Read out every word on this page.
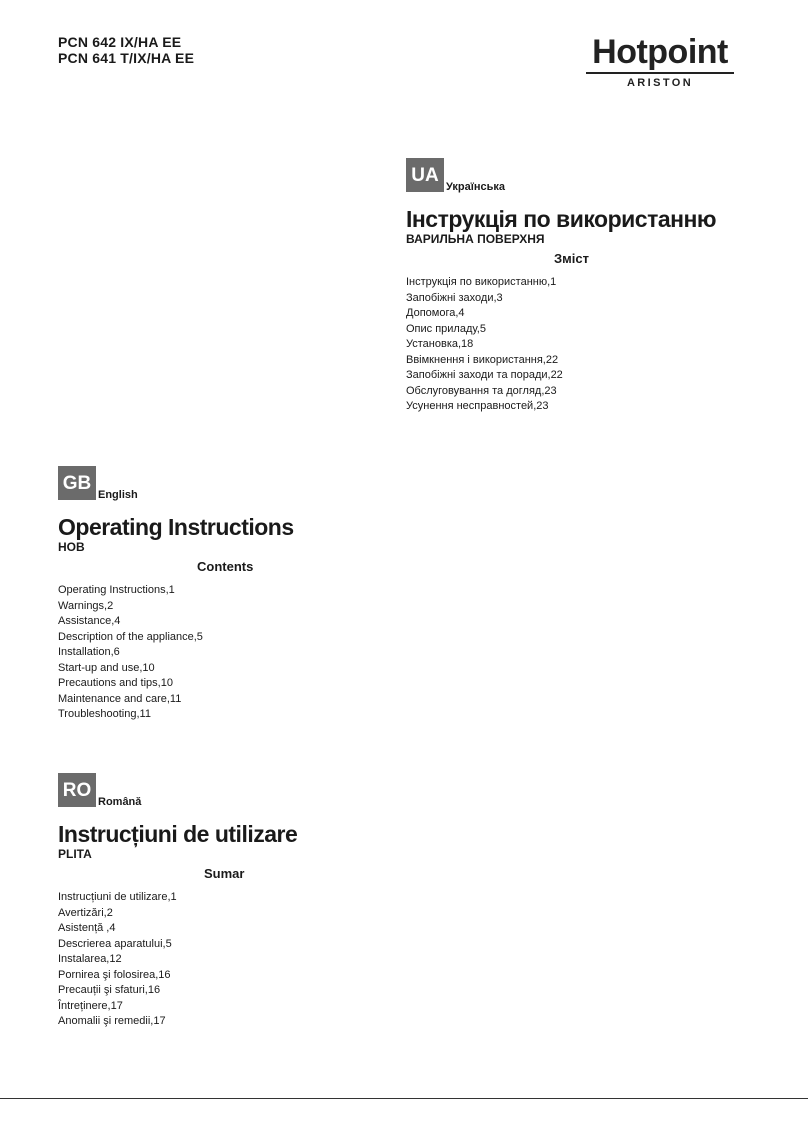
PCN 642 IX/HA EE
PCN 641 T/IX/HA EE	Hotpoint
ARISTON
UA
Українська
Інструкція по використанню
ВАРИЛЬНА ПОВЕРХНЯ
Зміст
Інструкція по використанню,1
Запобіжні заходи,3
Допомога,4
Опис приладу,5
Установка,18
Ввімкнення і використання,22
Запобіжні заходи та поради,22
Обслуговування та догляд,23
Усунення несправностей,23
GB
English
Operating Instructions
HOB
Contents
Operating Instructions,1
Warnings,2
Assistance,4
Description of the appliance,5
Installation,6
Start-up and use,10
Precautions and tips,10
Maintenance and care,11
Troubleshooting,11
RO
Română
Instrucțiuni de utilizare
PLITA
Sumar
Instrucțiuni de utilizare,1
Avertizări,2
Asistență ,4
Descrierea aparatului,5
Instalarea,12
Pornirea şi folosirea,16
Precauții şi sfaturi,16
Întreținere,17
Anomalii şi remedii,17
